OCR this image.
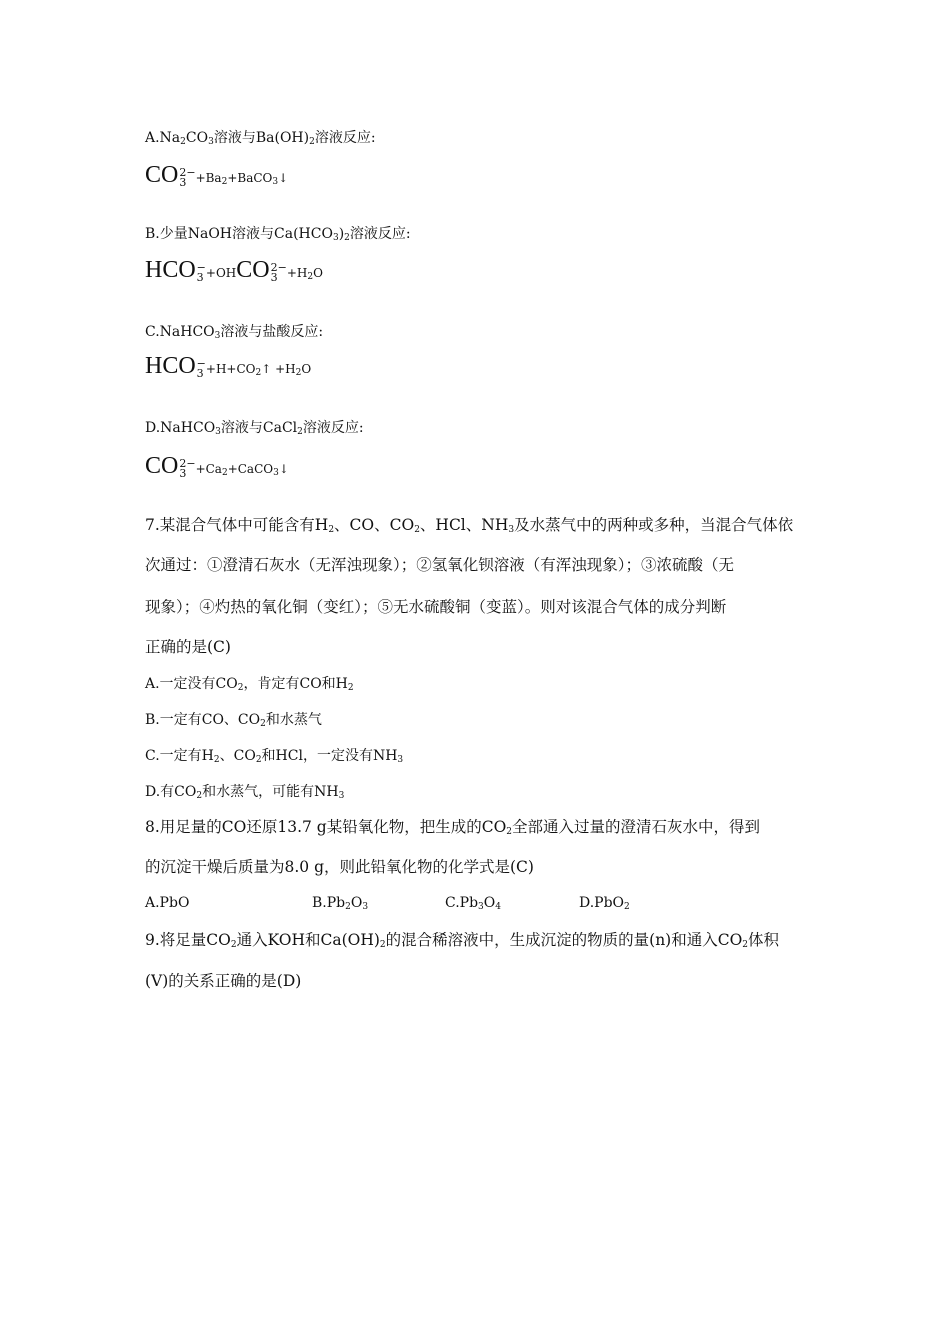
$A.Na_2CO_3$溶液与$Ba(OH)_2$溶液反应:
CO 2−
$3 +Ba_2+BaCO_3↓$
B.少量NaOH溶液与$Ca(HCO_3)_2$溶液反应:
HCO −
3 +OHCO 2−
$3 +H_2O$
C.NaHCO$_3$溶液与盐酸反应:
HCO −
$3 +H+CO_2↑ +H_2O$
D.NaHCO$_3$溶液与CaCl$_2$溶液反应:
CO 2−
$3 +Ca_2+CaCO_3↓$
7.某混合气体中可能含有$H_2$、CO、$CO_2$、HCl、$NH_3$及水蒸气中的两种或多种，当混合气体依
次通过：①澄清石灰水（无浑浊现象）；②氢氧化钡溶液（有浑浊现象）；③浓硫酸（无
现象）；④灼热的氧化铜（变红）；⑤无水硫酸铜（变蓝）。则对该混合气体的成分判断
正确的是(C)
A.一定没有$CO_2$，肯定有CO和$H_2$
B.一定有CO、$CO_2$和水蒸气
C.一定有$H_2$、$CO_2$和HCl，一定没有$NH_3$
D.有$CO_2$和水蒸气，可能有$NH_3$
8.用足量的CO还原13.7 g某铅氧化物，把生成的$CO_2$全部通入过量的澄清石灰水中，得到
的沉淀干燥后质量为8.0 g，则此铅氧化物的化学式是(C)
A.PbO	$B.Pb_2O_3$	$C.Pb_3O_4$	D.PbO$_2$
9.将足量$CO_2$通入KOH和$Ca(OH)_2$的混合稀溶液中，生成沉淀的物质的量(n)和通入$CO_2$体积
(V)的关系正确的是(D)
